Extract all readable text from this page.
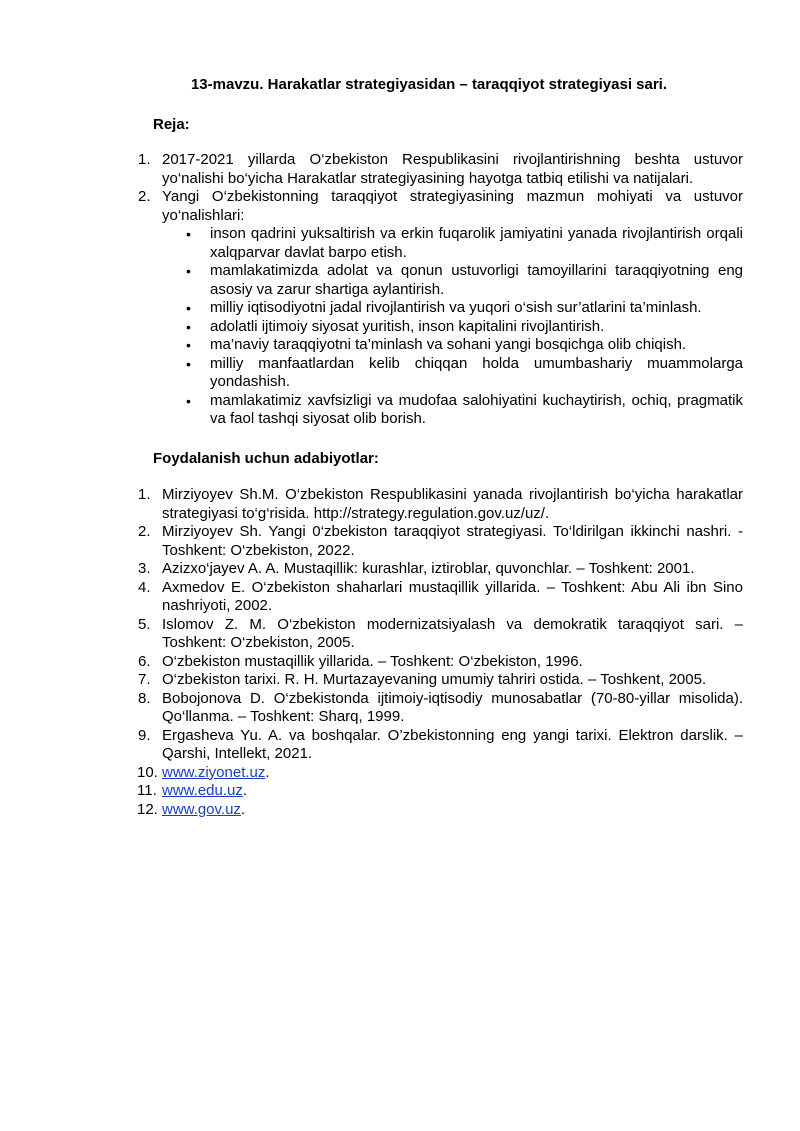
13-mavzu. Harakatlar strategiyasidan – taraqqiyot strategiyasi sari.
Reja:
1. 2017-2021 yillarda O‘zbekiston Respublikasini rivojlantirishning beshta ustuvor yo‘nalishi bo‘yicha Harakatlar strategiyasining hayotga tatbiq etilishi va natijalari.
2. Yangi O‘zbekistonning taraqqiyot strategiyasining mazmun mohiyati va ustuvor yo‘nalishlari:
• inson qadrini yuksaltirish va erkin fuqarolik jamiyatini yanada rivojlantirish orqali xalqparvar davlat barpo etish.
• mamlakatimizda adolat va qonun ustuvorligi tamoyillarini taraqqiyotning eng asosiy va zarur shartiga aylantirish.
• milliy iqtisodiyotni jadal rivojlantirish va yuqori o‘sish sur’atlarini ta’minlash.
• adolatli ijtimoiy siyosat yuritish, inson kapitalini rivojlantirish.
• ma’naviy taraqqiyotni ta’minlash va sohani yangi bosqichga olib chiqish.
• milliy manfaatlardan kelib chiqqan holda umumbashariy muammolarga yondashish.
• mamlakatimiz xavfsizligi va mudofaa salohiyatini kuchaytirish, ochiq, pragmatik va faol tashqi siyosat olib borish.
Foydalanish uchun adabiyotlar:
1. Mirziyoyev Sh.M. O‘zbekiston Respublikasini yanada rivojlantirish bo‘yicha harakatlar strategiyasi to‘g‘risida. http://strategy.regulation.gov.uz/uz/.
2. Mirziyoyev Sh. Yangi 0‘zbekiston taraqqiyot strategiyasi. To‘ldirilgan ikkinchi nashri. - Toshkent: O‘zbekiston, 2022.
3. Azizxo‘jayev A. A. Mustaqillik: kurashlar, iztiroblar, quvonchlar. – Toshkent: 2001.
4. Axmedov E. O‘zbekiston shaharlari mustaqillik yillarida. – Toshkent: Abu Ali ibn Sino nashriyoti, 2002.
5. Islomov Z. M. O‘zbekiston modernizatsiyalash va demokratik taraqqiyot sari. – Toshkent: O‘zbekiston, 2005.
6. O‘zbekiston mustaqillik yillarida. – Toshkent: O‘zbekiston, 1996.
7. O‘zbekiston tarixi. R. H. Murtazayevaning umumiy tahriri ostida. – Toshkent, 2005.
8. Bobojonova D. O‘zbekistonda ijtimoiy-iqtisodiy munosabatlar (70-80-yillar misolida). Qo‘llanma. – Toshkent: Sharq, 1999.
9. Ergasheva Yu. A. va boshqalar. O’zbekistonning eng yangi tarixi. Elektron darslik. – Qarshi, Intellekt, 2021.
10. www.ziyonet.uz.
11. www.edu.uz.
12. www.gov.uz.
